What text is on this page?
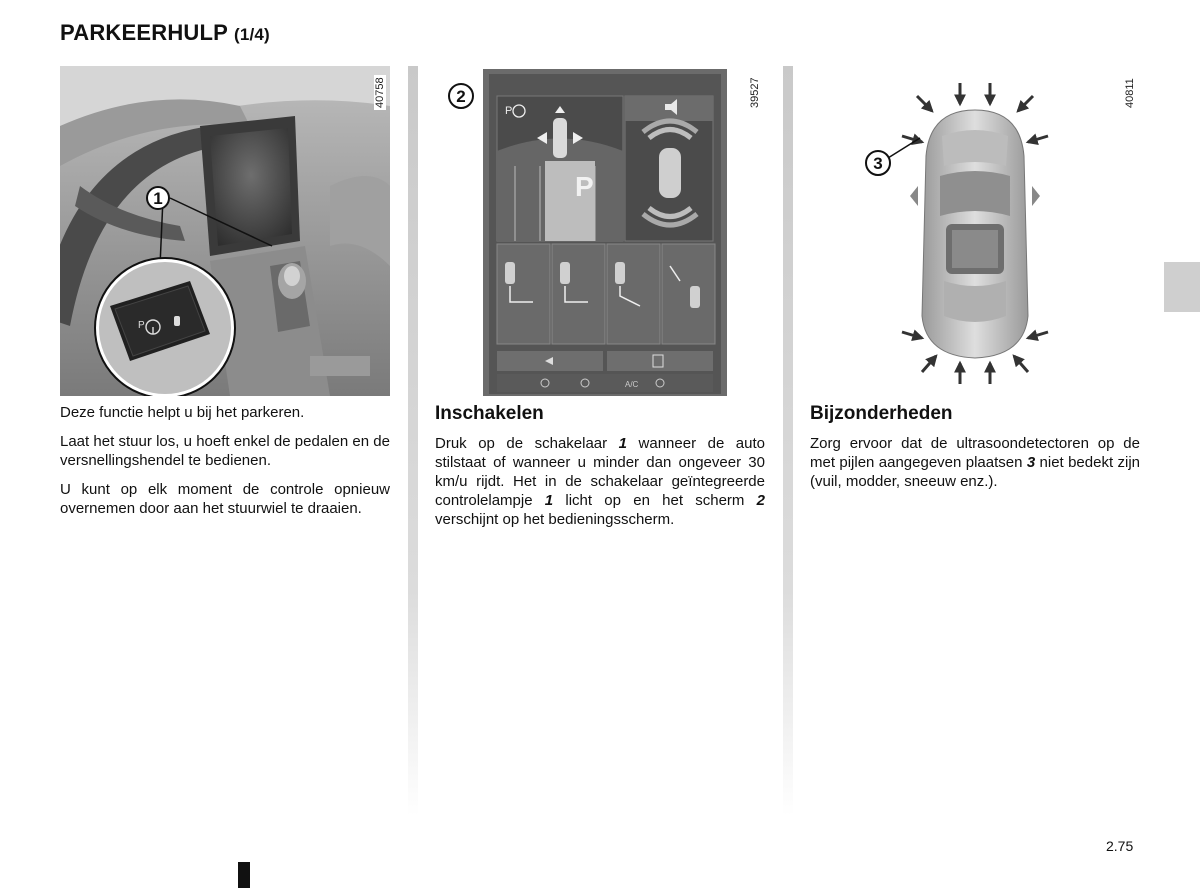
PARKEERHULP (1/4)
P
1
40758
P
P
A/C
2	39527
3
40811

Deze functie helpt u bij het parkeren.

Laat het stuur los, u hoeft enkel de pedalen en de versnellingshendel te bedienen.

U kunt op elk moment de controle opnieuw overnemen door aan het stuurwiel te draaien.

Inschakelen

Druk op de schakelaar 1 wanneer de auto stilstaat of wanneer u minder dan ongeveer 30 km/u rijdt. Het in de schakelaar geïntegreerde controlelampje 1 licht op en het scherm 2 verschijnt op het bedieningsscherm.

Bijzonderheden

Zorg ervoor dat de ultrasoondetectoren op de met pijlen aangegeven plaatsen 3 niet bedekt zijn (vuil, modder, sneeuw enz.).

2.75
